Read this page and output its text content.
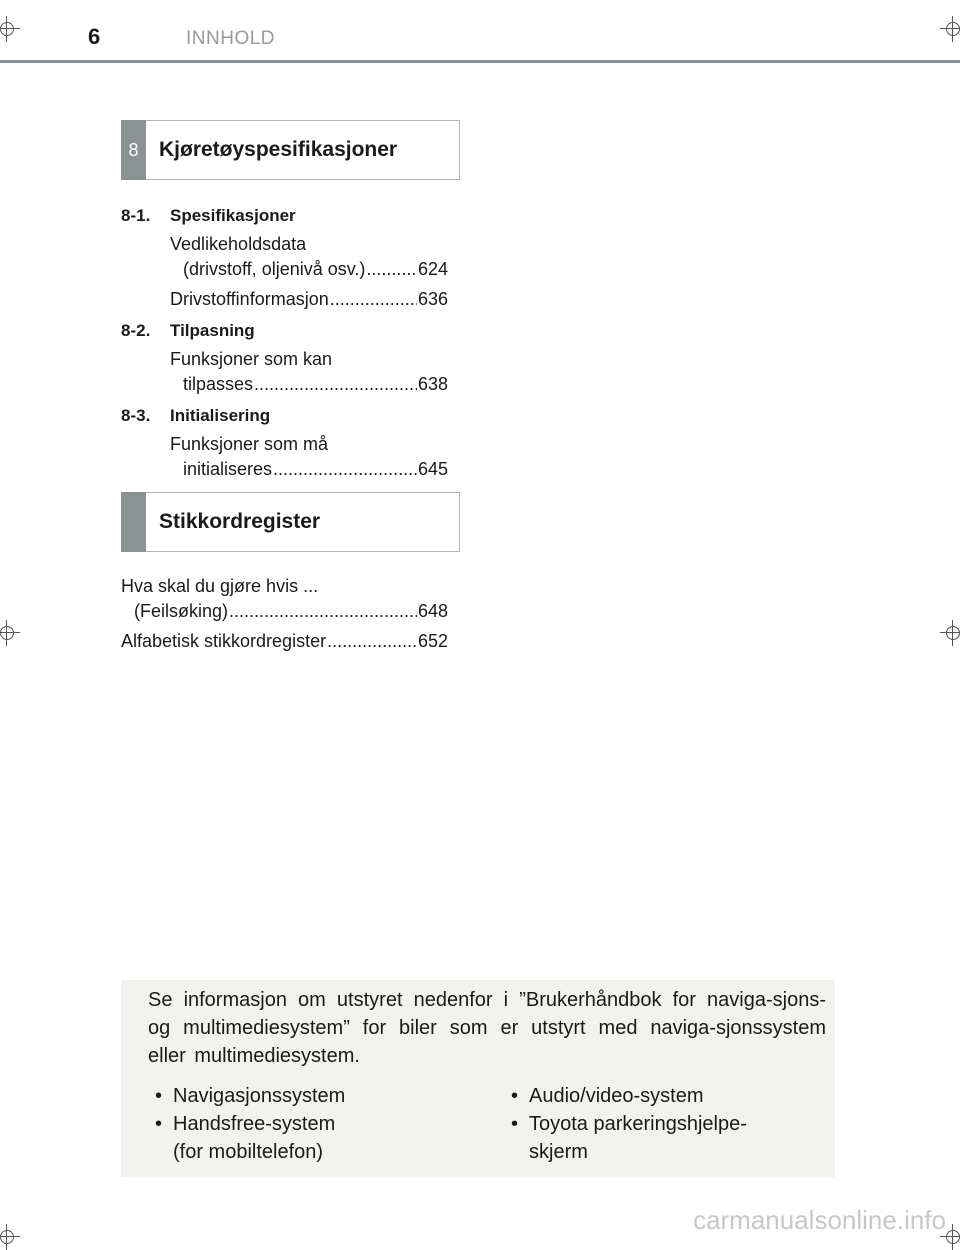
6	INNHOLD
8 Kjøretøyspesifikasjoner
8-1. Spesifikasjoner
Vedlikeholdsdata
(drivstoff, oljenivå osv.) .....	624
Drivstoffinformasjon .....	636
8-2. Tilpasning
Funksjoner som kan
tilpasses .....	638
8-3. Initialisering
Funksjoner som må
initialiseres .....	645
Stikkordregister
Hva skal du gjøre hvis ...
(Feilsøking) .....	648
Alfabetisk stikkordregister .....	652
Se informasjon om utstyret nedenfor i ”Brukerhåndbok for naviga-sjons- og multimediesystem” for biler som er utstyrt med naviga-sjonssystem eller multimediesystem.
• Navigasjonssystem
• Handsfree-system
(for mobiltelefon)
• Audio/video-system
• Toyota parkeringshjelpe-
skjerm
carmanualsonline.info
